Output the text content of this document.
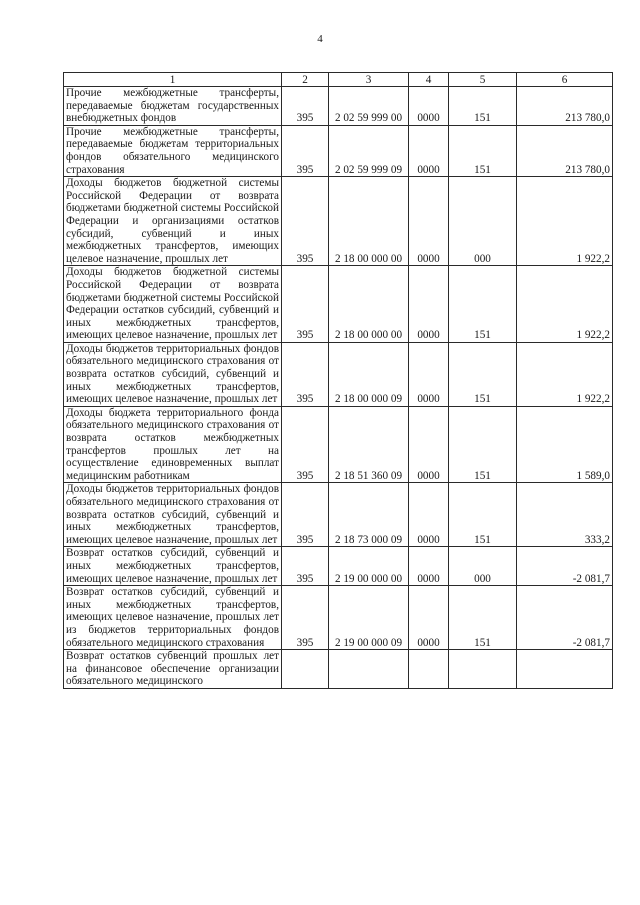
4
1	2	3	4	5	6
Прочие межбюджетные трансферты, передаваемые бюджетам государственных внебюджетных фондов	395	2 02 59 999 00	0000	151	213 780,0
Прочие межбюджетные трансферты, передаваемые бюджетам территориальных фондов обязательного медицинского страхования	395	2 02 59 999 09	0000	151	213 780,0
Доходы бюджетов бюджетной системы Российской Федерации от возврата бюджетами бюджетной системы Российской Федерации и организациями остатков субсидий, субвенций и иных межбюджетных трансфертов, имеющих целевое назначение, прошлых лет	395	2 18 00 000 00	0000	000	1 922,2
Доходы бюджетов бюджетной системы Российской Федерации от возврата бюджетами бюджетной системы Российской Федерации остатков субсидий, субвенций и иных межбюджетных трансфертов, имеющих целевое назначение, прошлых лет	395	2 18 00 000 00	0000	151	1 922,2
Доходы бюджетов территориальных фондов обязательного медицинского страхования от возврата остатков субсидий, субвенций и иных межбюджетных трансфертов, имеющих целевое назначение, прошлых лет	395	2 18 00 000 09	0000	151	1 922,2
Доходы бюджета территориального фонда обязательного медицинского страхования от возврата остатков межбюджетных трансфертов прошлых лет на осуществление единовременных выплат медицинским работникам	395	2 18 51 360 09	0000	151	1 589,0
Доходы бюджетов территориальных фондов обязательного медицинского страхования от возврата остатков субсидий, субвенций и иных межбюджетных трансфертов, имеющих целевое назначение, прошлых лет	395	2 18 73 000 09	0000	151	333,2
Возврат остатков субсидий, субвенций и иных межбюджетных трансфертов, имеющих целевое назначение, прошлых лет	395	2 19 00 000 00	0000	000	-2 081,7
Возврат остатков субсидий, субвенций и иных межбюджетных трансфертов, имеющих целевое назначение, прошлых лет из бюджетов территориальных фондов обязательного медицинского страхования	395	2 19 00 000 09	0000	151	-2 081,7
Возврат остатков субвенций прошлых лет на финансовое обеспечение организации обязательного медицинского					
